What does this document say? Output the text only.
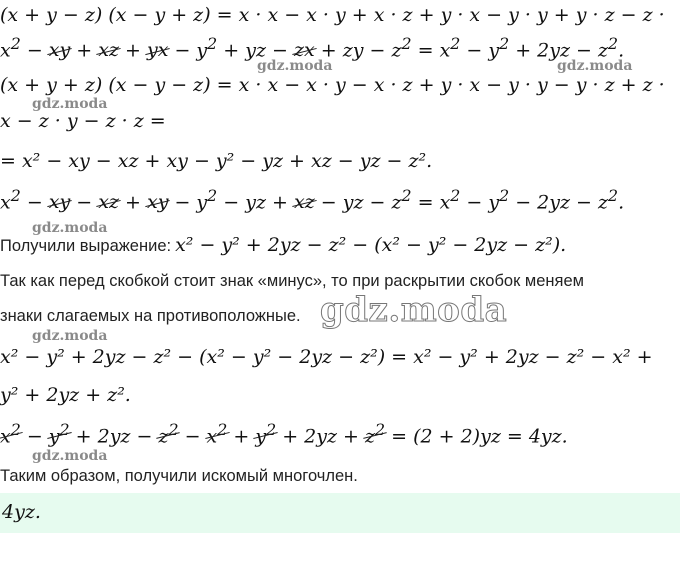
(x + y − z) (x − y + z) = x · x − x · y + x · z + y · x − y · y + y · z − z ·
$x^2$ − xy + xz + yx − $y^2$ + yz − zx + zy − $z^2 = x^2 - y^2 + 2yz - z^2$.
gdz.moda	gdz.moda
(x + y + z) (x − y − z) = x · x − x · y − x · z + y · x − y · y − y · z + z ·
gdz.moda
x − z · y − z · z =
= x² − xy − xz + xy − y² − yz + xz − yz − z².
$x^2$ − xy − xz + xy − $y^2$ − yz + xz − yz − $z^2 = x^2 - y^2 - 2yz - z^2$.
gdz.moda
Получили выражение: x² − y² + 2yz − z² − (x² − y² − 2yz − z²).
Так как перед скобкой стоит знак «минус», то при раскрытии скобок меняем
знаки слагаемых на противоположные. gdz.moda
gdz.moda
x² − y² + 2yz − z² − (x² − y² − 2yz − z²) = x² − y² + 2yz − z² − x² +
y² + 2yz + z².
$x^2 - y^2 + 2yz - z^2 - x^2 + y^2 + 2yz + z^2 = (2 + 2)yz = 4yz$.
gdz.moda
Таким образом, получили искомый многочлен.
4yz.
